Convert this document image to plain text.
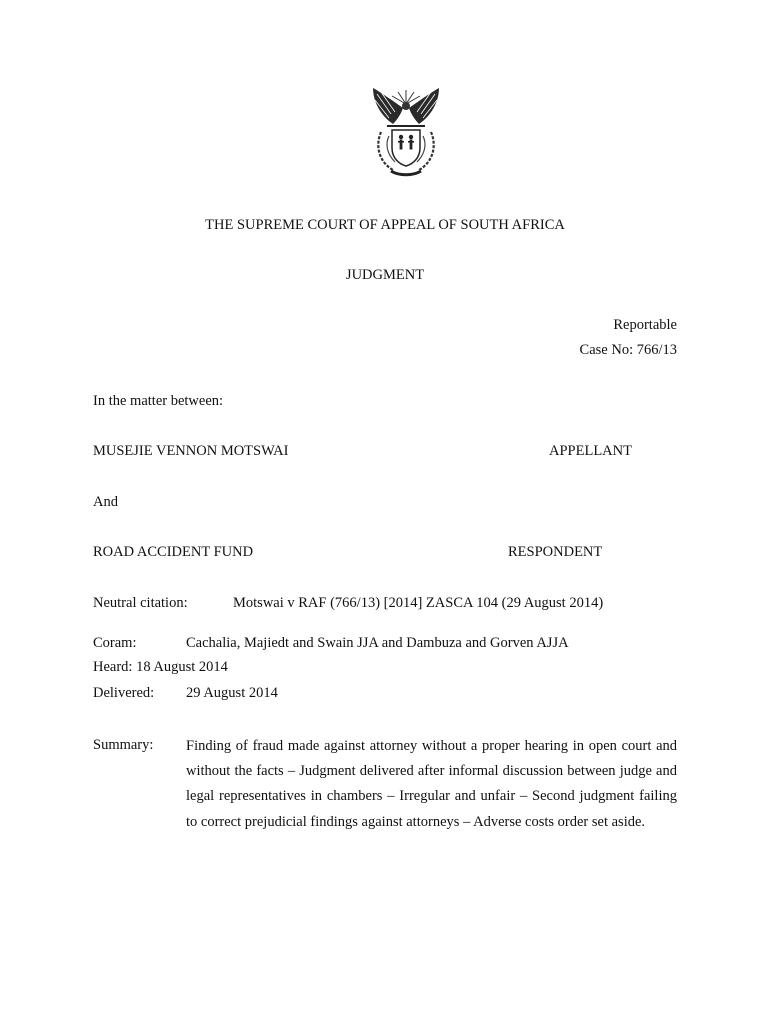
THE SUPREME COURT OF APPEAL OF SOUTH AFRICA
JUDGMENT
Reportable
Case No: 766/13
In the matter between:
MUSEJIE VENNON MOTSWAI	APPELLANT
And
ROAD ACCIDENT FUND	RESPONDENT
Neutral citation:	Motswai v RAF (766/13) [2014] ZASCA 104 (29 August 2014)
Coram:	Cachalia, Majiedt and Swain JJA and Dambuza and Gorven AJJA
Heard: 18 August 2014
Delivered: 29 August 2014
Summary: Finding of fraud made against attorney without a proper hearing in open court and without the facts – Judgment delivered after informal discussion between judge and legal representatives in chambers – Irregular and unfair – Second judgment failing to correct prejudicial findings against attorneys – Adverse costs order set aside.
